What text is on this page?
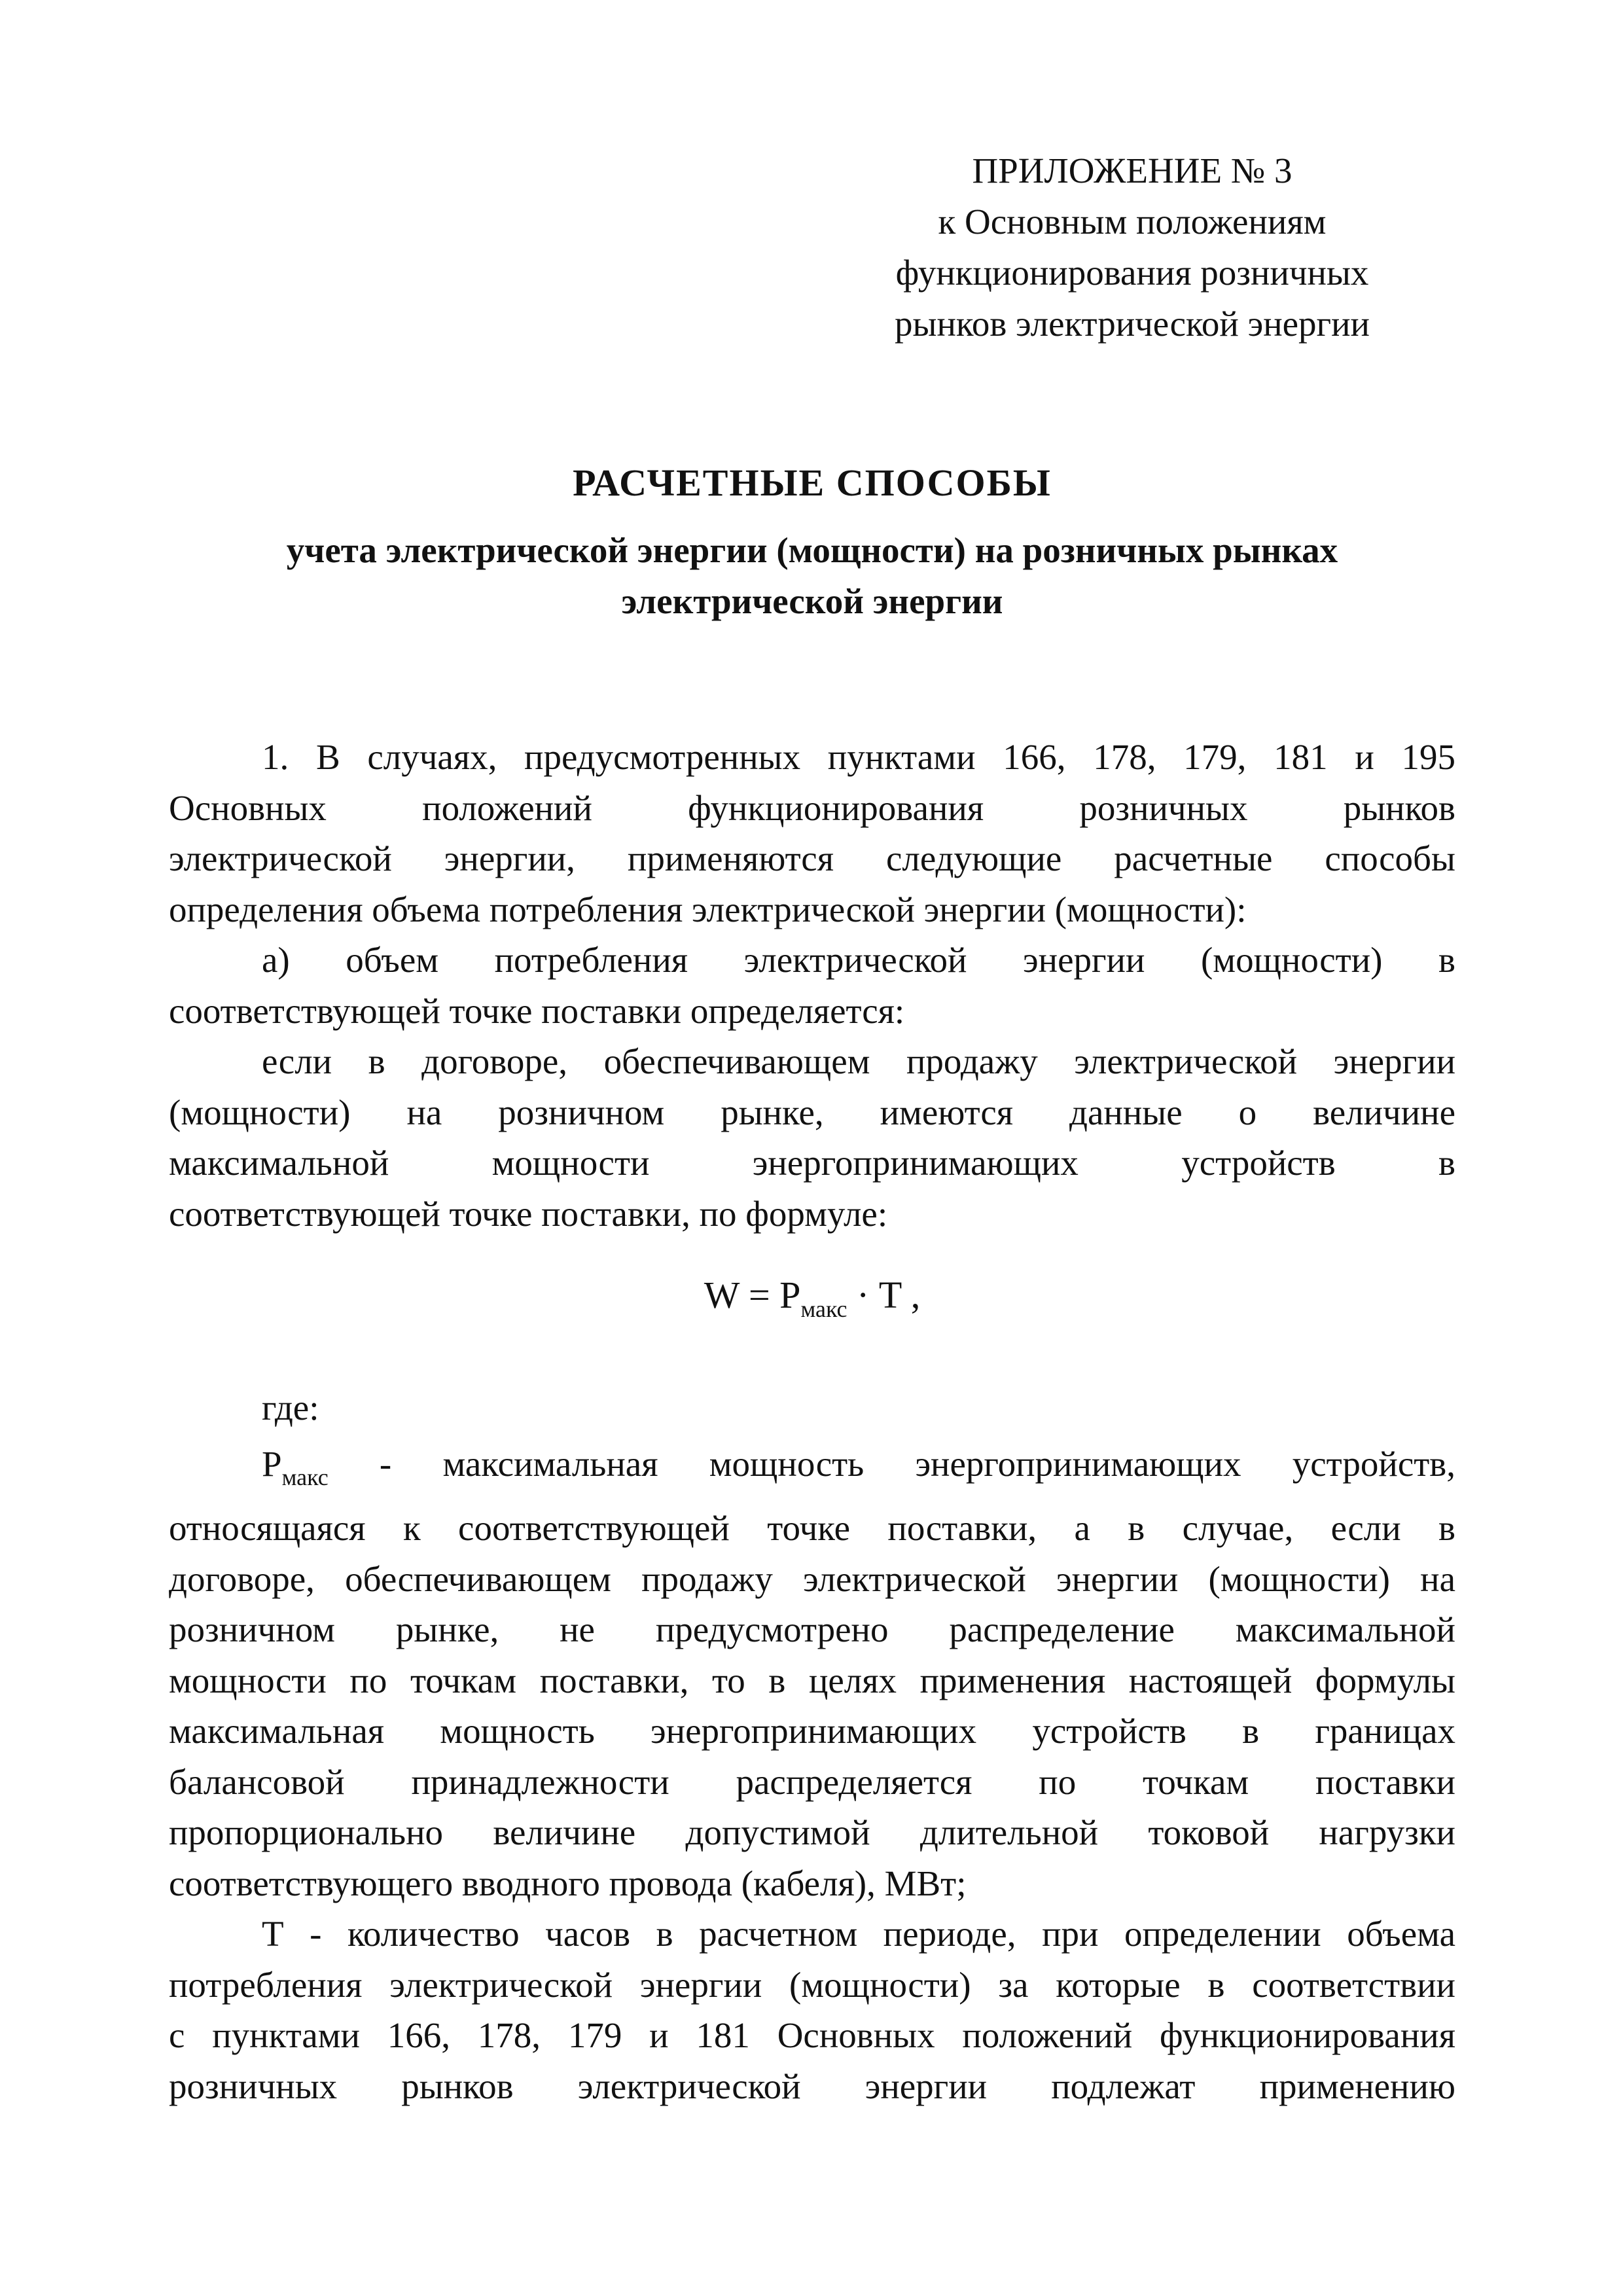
ПРИЛОЖЕНИЕ № 3
к Основным положениям
функционирования розничных
рынков электрической энергии
РАСЧЕТНЫЕ СПОСОБЫ
учета электрической энергии (мощности) на розничных рынках
электрической энергии
1. В случаях, предусмотренных пунктами 166, 178, 179, 181 и 195
Основных положений функционирования розничных рынков
электрической энергии, применяются следующие расчетные способы
определения объема потребления электрической энергии (мощности):
а) объем потребления электрической энергии (мощности) в
соответствующей точке поставки определяется:
если в договоре, обеспечивающем продажу электрической энергии
(мощности) на розничном рынке, имеются данные о величине
максимальной мощности энергопринимающих устройств в
соответствующей точке поставки, по формуле:
$W = P_{макс} \cdot T$ ,
где:
$P_{макс}$ - максимальная мощность энергопринимающих устройств,
относящаяся к соответствующей точке поставки, а в случае, если в
договоре, обеспечивающем продажу электрической энергии (мощности) на
розничном рынке, не предусмотрено распределение максимальной
мощности по точкам поставки, то в целях применения настоящей формулы
максимальная мощность энергопринимающих устройств в границах
балансовой принадлежности распределяется по точкам поставки
пропорционально величине допустимой длительной токовой нагрузки
соответствующего вводного провода (кабеля), МВт;
Т - количество часов в расчетном периоде, при определении объема
потребления электрической энергии (мощности) за которые в соответствии
с пунктами 166, 178, 179 и 181 Основных положений функционирования
розничных рынков электрической энергии подлежат применению
